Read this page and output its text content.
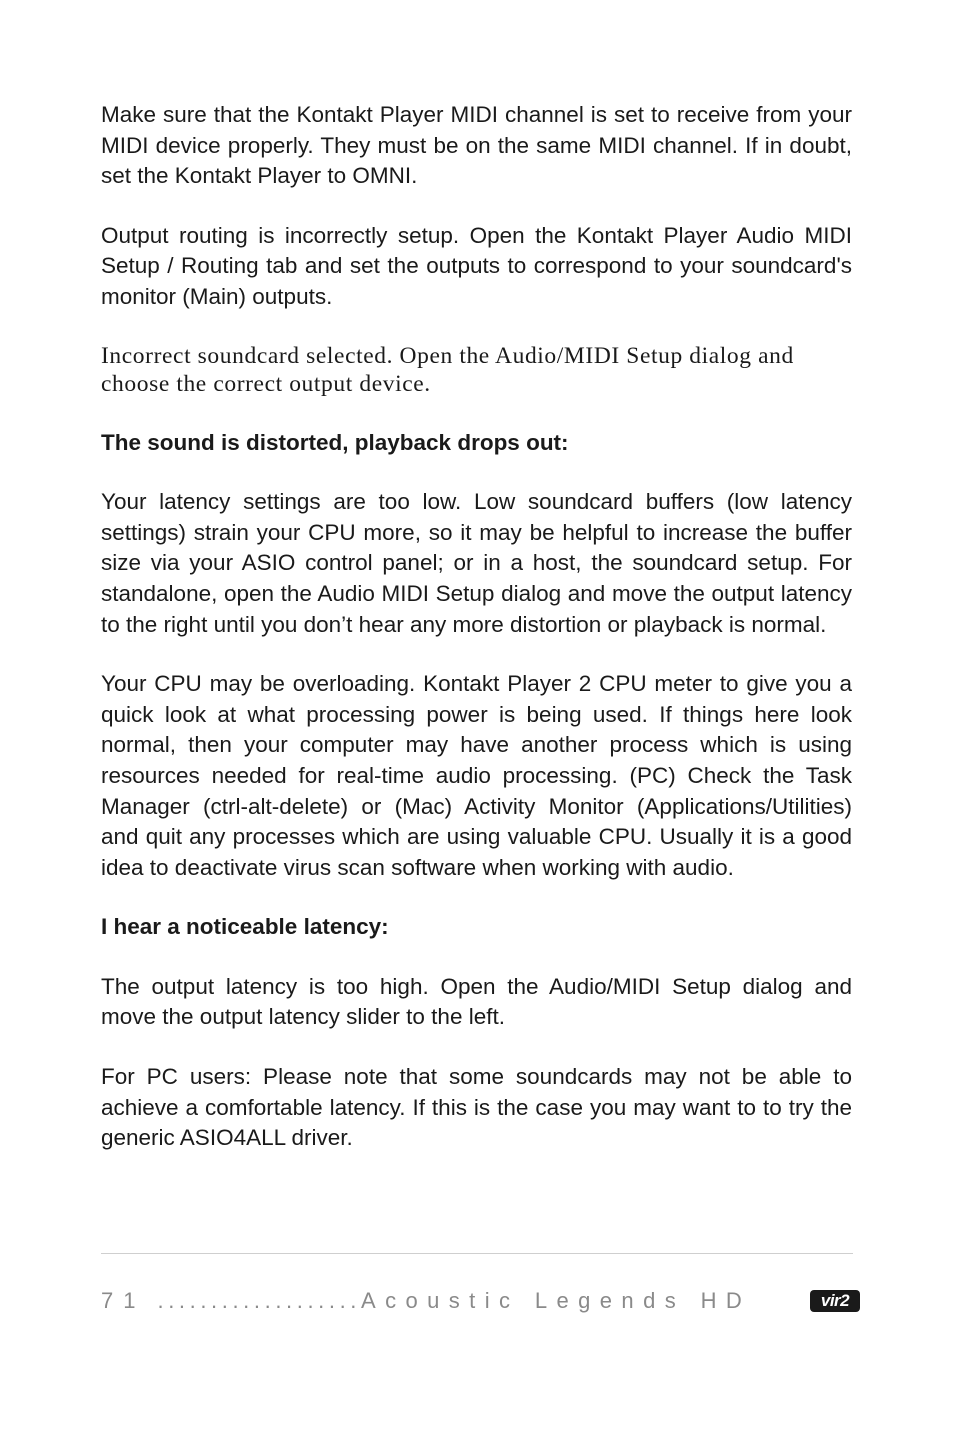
Make sure that the Kontakt Player MIDI channel is set to receive from your MIDI device properly. They must be on the same MIDI channel. If in doubt, set the Kontakt Player to OMNI.

Output routing is incorrectly setup. Open the Kontakt Player Audio MIDI Setup / Routing tab and set the outputs to correspond to your soundcard's monitor (Main) outputs.

Incorrect soundcard selected. Open the Audio/MIDI Setup dialog and choose the correct output device.

The sound is distorted, playback drops out:

Your latency settings are too low. Low soundcard buffers (low latency settings) strain your CPU more, so it may be helpful to increase the buffer size via your ASIO control panel; or in a host, the soundcard setup. For standalone, open the Audio MIDI Setup dialog and move the output latency to the right until you don’t hear any more distortion or playback is normal.

Your CPU may be overloading. Kontakt Player 2 CPU meter to give you a quick look at what processing power is being used. If things here look normal, then your computer may have another process which is using resources needed for real-time audio processing. (PC) Check the Task Manager (ctrl-alt-delete) or (Mac) Activity Monitor (Applications/Utilities) and quit any processes which are using valuable CPU. Usually it is a good idea to deactivate virus scan software when working with audio.

I hear a noticeable latency:

The output latency is too high. Open the Audio/MIDI Setup dialog and move the output latency slider to the left.

For PC users: Please note that some soundcards may not be able to achieve a comfortable latency. If this is the case you may want to to try the generic ASIO4ALL driver.

71 ................... Acoustic Legends HD	vir2
